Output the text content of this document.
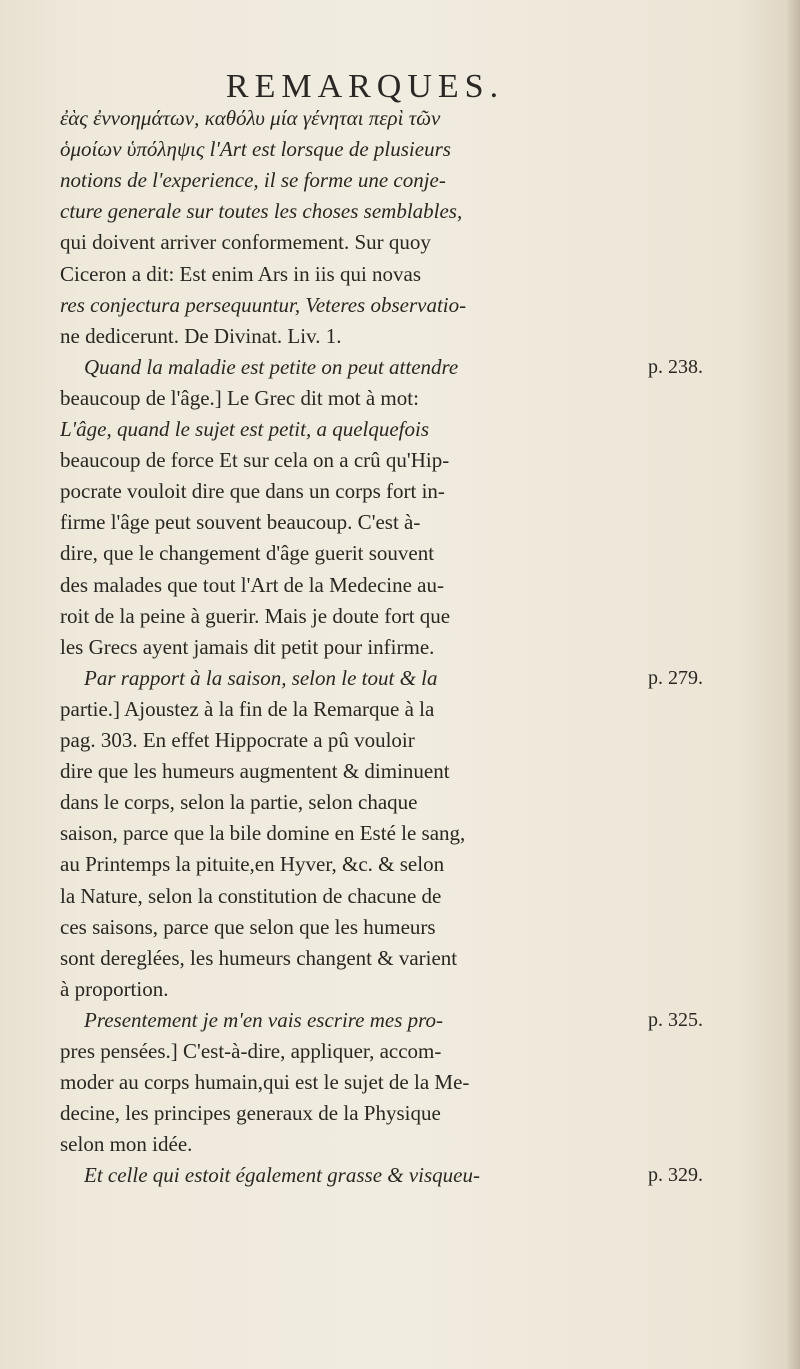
REMARQUES.
ἐὰς ἐννοημάτων, καθόλυ μία γένηται περὶ τῶν
ὁμοίων ὑπόληψις l'Art est lorsque de plusieurs
notions de l'experience, il se forme une conje-
cture generale sur toutes les choses semblables,
qui doivent arriver conformement. Sur quoy
Ciceron a dit: Est enim Ars in iis qui novas
res conjectura persequuntur, Veteres observatio-
ne dedicerunt. De Divinat. Liv. 1.
Quand la maladie est petite on peut attendre
beaucoup de l'âge.] Le Grec dit mot à mot:
L'âge, quand le sujet est petit, a quelquefois
beaucoup de force Et sur cela on a crû qu'Hip-
pocrate vouloit dire que dans un corps fort in-
firme l'âge peut souvent beaucoup. C'est à-
dire, que le changement d'âge guerit souvent
des malades que tout l'Art de la Medecine au-
roit de la peine à guerir. Mais je doute fort que
les Grecs ayent jamais dit petit pour infirme.
Par rapport à la saison, selon le tout & la
partie.] Ajoustez à la fin de la Remarque à la
pag. 303. En effet Hippocrate a pû vouloir
dire que les humeurs augmentent & diminuent
dans le corps, selon la partie, selon chaque
saison, parce que la bile domine en Esté le sang,
au Printemps la pituite,en Hyver, &c. & selon
la Nature, selon la constitution de chacune de
ces saisons, parce que selon que les humeurs
sont dereglées, les humeurs changent & varient
à proportion.
Presentement je m'en vais escrire mes pro-
pres pensées.] C'est-à-dire, appliquer, accom-
moder au corps humain,qui est le sujet de la Me-
decine, les principes generaux de la Physique
selon mon idée.
Et celle qui estoit également grasse & visqueu-
p. 238.
p. 279.
p. 325.
p. 329.
